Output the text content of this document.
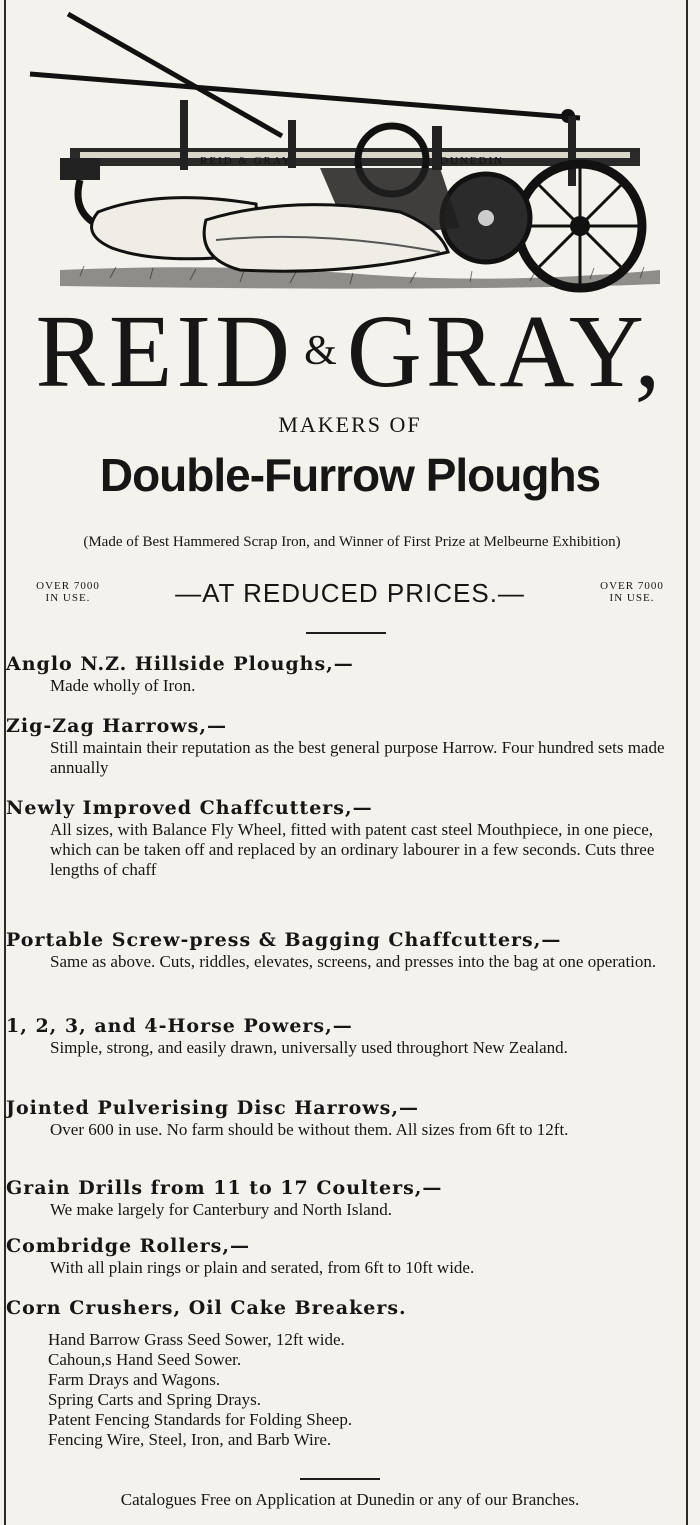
REID & GRAY	DUNEDIN
REID &GRAY,
MAKERS OF
Double-Furrow Ploughs
(Made of Best Hammered Scrap Iron, and Winner of First Prize at Melbeurne Exhibition)
OVER 7000
IN USE.	—AT REDUCED PRICES.—	OVER 7000
IN USE.
Anglo N.Z. Hillside Ploughs,—
Made wholly of Iron.
Zig-Zag Harrows,—
Still maintain their reputation as the best general purpose Harrow. Four hundred sets made annually
Newly Improved Chaffcutters,—
All sizes, with Balance Fly Wheel, fitted with patent cast steel Mouthpiece, in one piece, which can be taken off and replaced by an ordinary labourer in a few seconds. Cuts three lengths of chaff
Portable Screw-press & Bagging Chaffcutters,—
Same as above. Cuts, riddles, elevates, screens, and presses into the bag at one operation.
1, 2, 3, and 4-Horse Powers,—
Simple, strong, and easily drawn, universally used throughort New Zealand.
Jointed Pulverising Disc Harrows,—
Over 600 in use. No farm should be without them. All sizes from 6ft to 12ft.
Grain Drills from 11 to 17 Coulters,—
We make largely for Canterbury and North Island.
Combridge Rollers,—
With all plain rings or plain and serated, from 6ft to 10ft wide.
Corn Crushers, Oil Cake Breakers.
Hand Barrow Grass Seed Sower, 12ft wide.
Cahoun,s Hand Seed Sower.
Farm Drays and Wagons.
Spring Carts and Spring Drays.
Patent Fencing Standards for Folding Sheep.
Fencing Wire, Steel, Iron, and Barb Wire.
Catalogues Free on Application at Dunedin or any of our Branches.
